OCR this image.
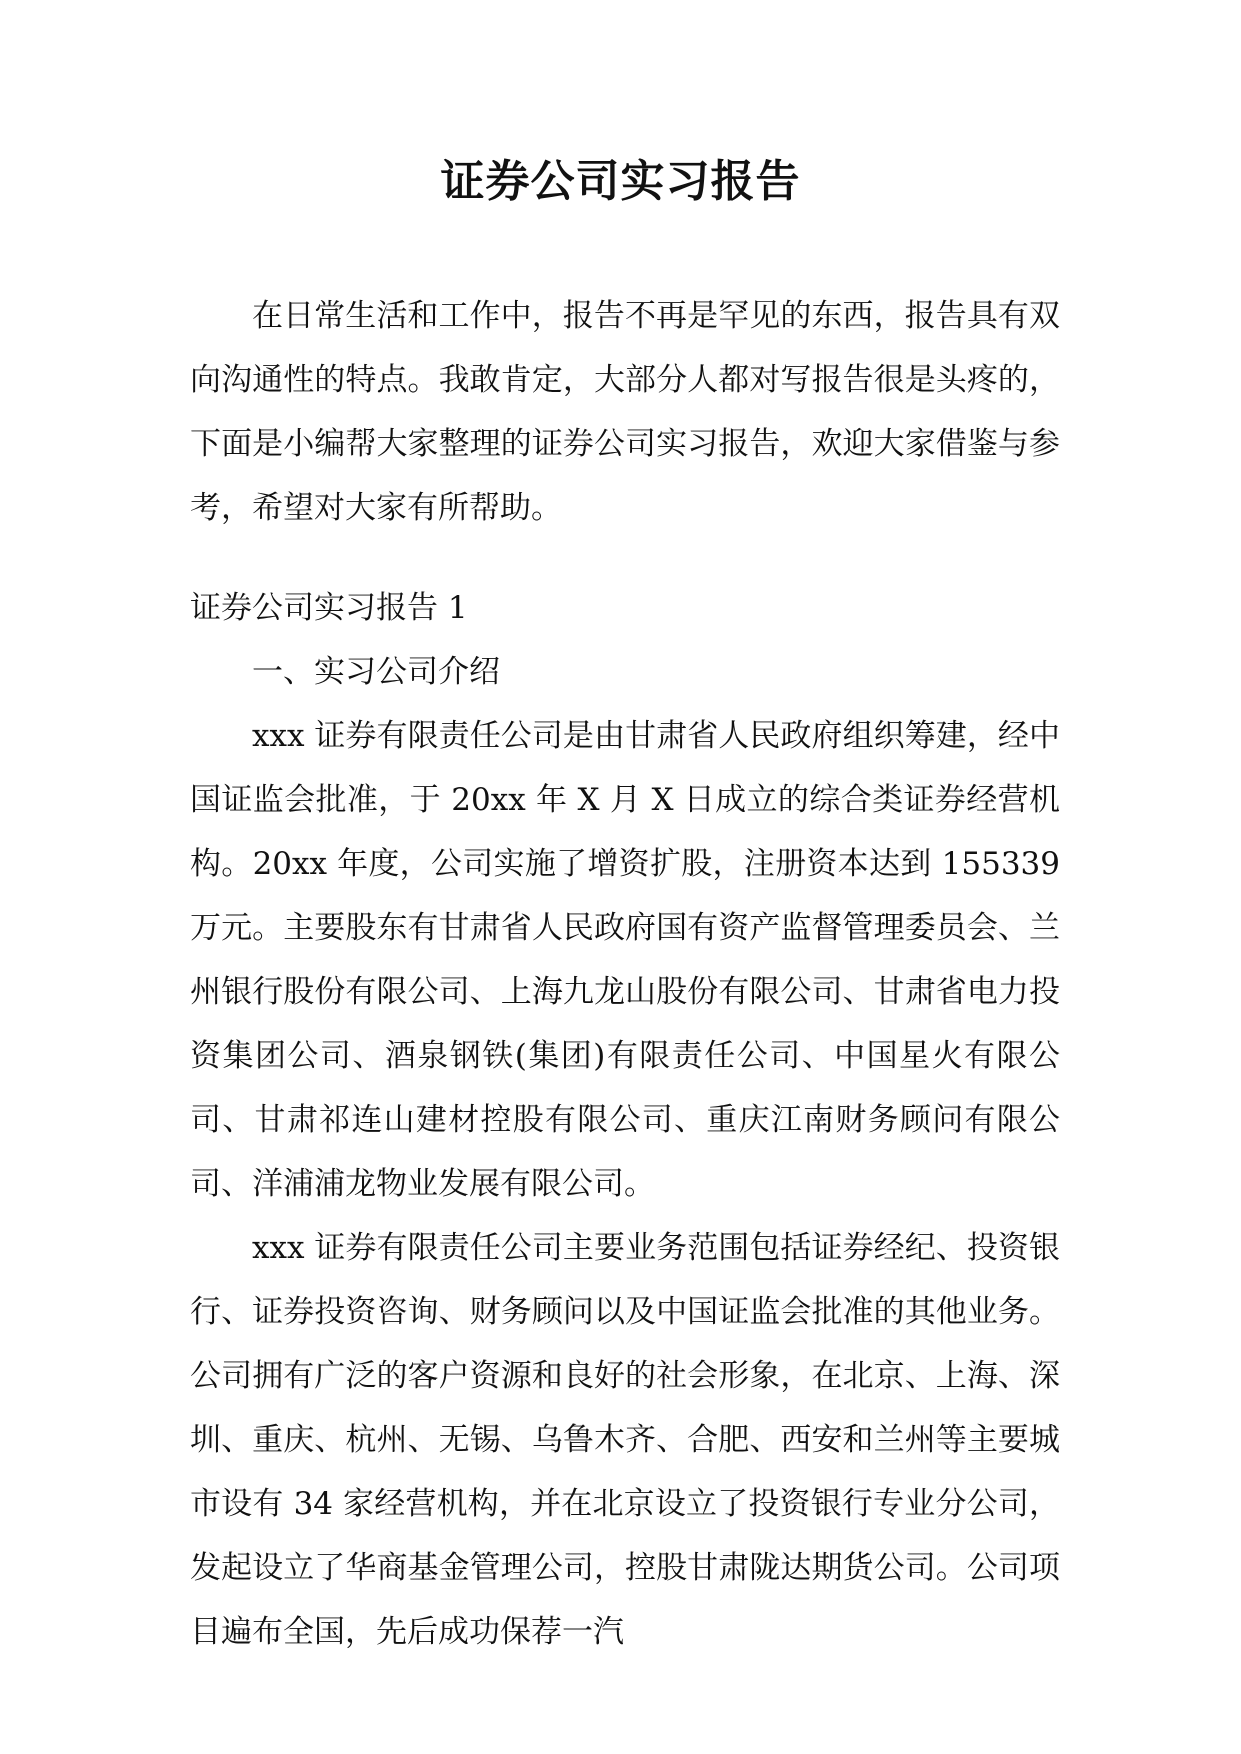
证券公司实习报告

在日常生活和工作中，报告不再是罕见的东西，报告具有双向沟通性的特点。我敢肯定，大部分人都对写报告很是头疼的，下面是小编帮大家整理的证券公司实习报告，欢迎大家借鉴与参考，希望对大家有所帮助。

证券公司实习报告 1

一、实习公司介绍

xxx 证券有限责任公司是由甘肃省人民政府组织筹建，经中国证监会批准，于 20xx 年 X 月 X 日成立的综合类证券经营机构。20xx 年度，公司实施了增资扩股，注册资本达到 155339 万元。主要股东有甘肃省人民政府国有资产监督管理委员会、兰州银行股份有限公司、上海九龙山股份有限公司、甘肃省电力投资集团公司、酒泉钢铁(集团)有限责任公司、中国星火有限公司、甘肃祁连山建材控股有限公司、重庆江南财务顾问有限公司、洋浦浦龙物业发展有限公司。

xxx 证券有限责任公司主要业务范围包括证券经纪、投资银行、证券投资咨询、财务顾问以及中国证监会批准的其他业务。公司拥有广泛的客户资源和良好的社会形象，在北京、上海、深圳、重庆、杭州、无锡、乌鲁木齐、合肥、西安和兰州等主要城市设有 34 家经营机构，并在北京设立了投资银行专业分公司，发起设立了华商基金管理公司，控股甘肃陇达期货公司。公司项目遍布全国，先后成功保荐一汽
